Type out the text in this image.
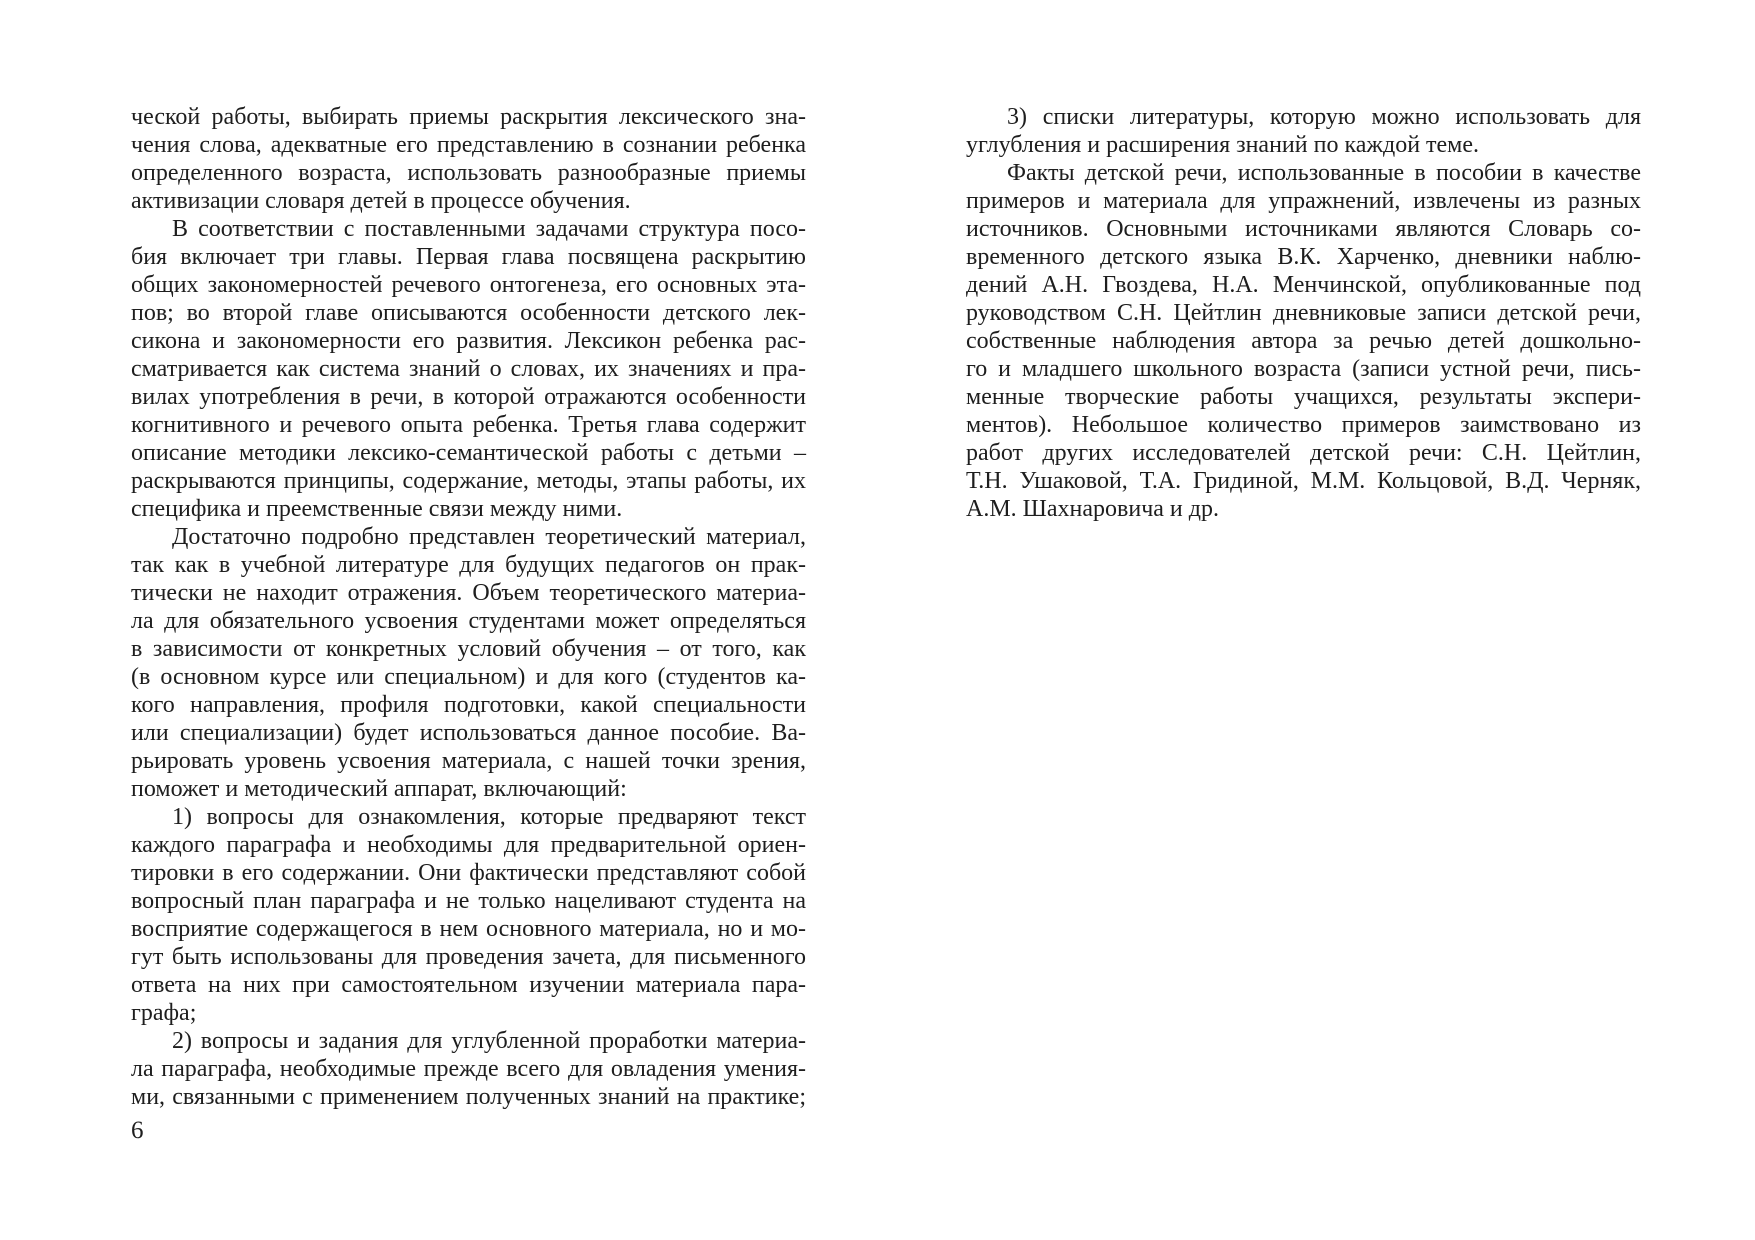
ческой работы, выбирать приемы раскрытия лексического зна-
чения слова, адекватные его представлению в сознании ребенка
определенного возраста, использовать разнообразные приемы
активизации словаря детей в процессе обучения.
В соответствии с поставленными задачами структура посо-
бия включает три главы. Первая глава посвящена раскрытию
общих закономерностей речевого онтогенеза, его основных эта-
пов; во второй главе описываются особенности детского лек-
сикона и закономерности его развития. Лексикон ребенка рас-
сматривается как система знаний о словах, их значениях и пра-
вилах употребления в речи, в которой отражаются особенности
когнитивного и речевого опыта ребенка. Третья глава содержит
описание методики лексико-семантической работы с детьми –
раскрываются принципы, содержание, методы, этапы работы, их
специфика и преемственные связи между ними.
Достаточно подробно представлен теоретический материал,
так как в учебной литературе для будущих педагогов он прак-
тически не находит отражения. Объем теоретического материа-
ла для обязательного усвоения студентами может определяться
в зависимости от конкретных условий обучения – от того, как
(в основном курсе или специальном) и для кого (студентов ка-
кого направления, профиля подготовки, какой специальности
или специализации) будет использоваться данное пособие. Ва-
рьировать уровень усвоения материала, с нашей точки зрения,
поможет и методический аппарат, включающий:
1) вопросы для ознакомления, которые предваряют текст
каждого параграфа и необходимы для предварительной ориен-
тировки в его содержании. Они фактически представляют собой
вопросный план параграфа и не только нацеливают студента на
восприятие содержащегося в нем основного материала, но и мо-
гут быть использованы для проведения зачета, для письменного
ответа на них при самостоятельном изучении материала пара-
графа;
2) вопросы и задания для углубленной проработки материа-
ла параграфа, необходимые прежде всего для овладения умения-
ми, связанными с применением полученных знаний на практике;
6
3) списки литературы, которую можно использовать для
углубления и расширения знаний по каждой теме.
Факты детской речи, использованные в пособии в качестве
примеров и материала для упражнений, извлечены из разных
источников. Основными источниками являются Словарь со-
временного детского языка В.К. Харченко, дневники наблю-
дений А.Н. Гвоздева, Н.А. Менчинской, опубликованные под
руководством С.Н. Цейтлин дневниковые записи детской речи,
собственные наблюдения автора за речью детей дошкольно-
го и младшего школьного возраста (записи устной речи, пись-
менные творческие работы учащихся, результаты экспери-
ментов). Небольшое количество примеров заимствовано из
работ других исследователей детской речи: С.Н. Цейтлин,
Т.Н. Ушаковой, Т.А. Гридиной, М.М. Кольцовой, В.Д. Черняк,
А.М. Шахнаровича и др.
